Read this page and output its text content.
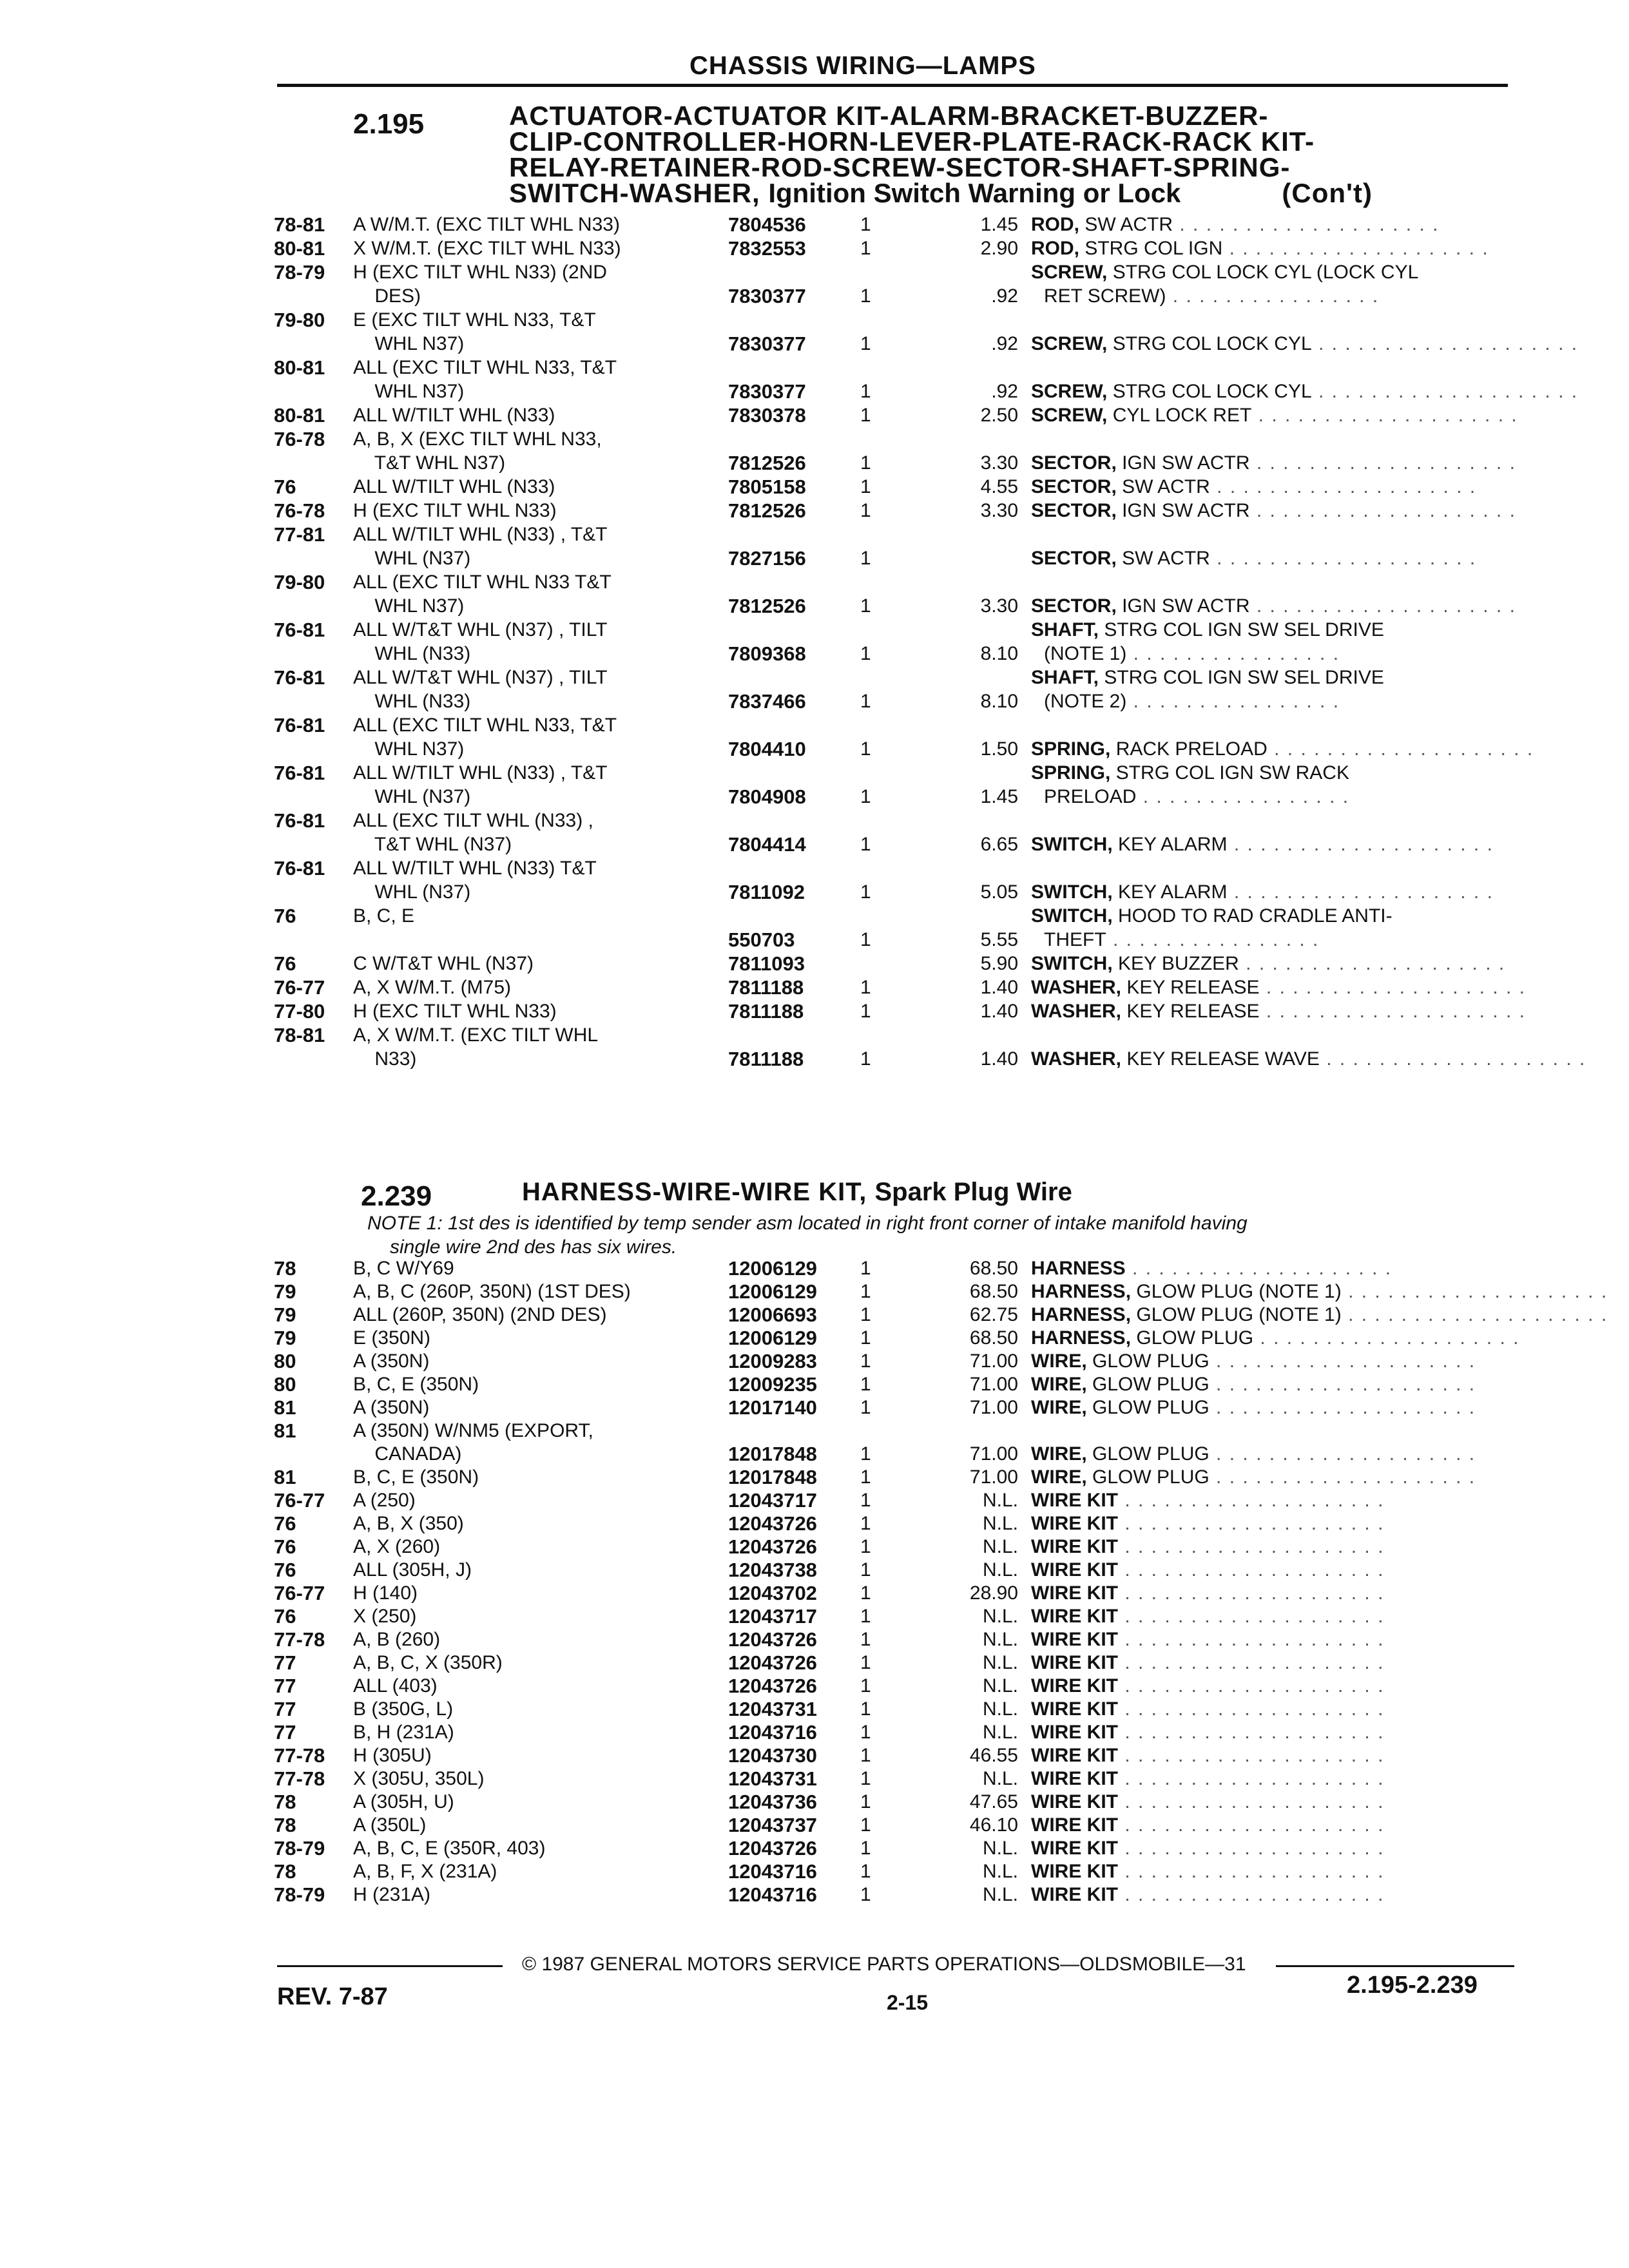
CHASSIS WIRING—LAMPS
2.195	ACTUATOR-ACTUATOR KIT-ALARM-BRACKET-BUZZER-
CLIP-CONTROLLER-HORN-LEVER-PLATE-RACK-RACK KIT-
RELAY-RETAINER-ROD-SCREW-SECTOR-SHAFT-SPRING-
SWITCH-WASHER, Ignition Switch Warning or Lock	(Con't)
78-81 A W/M.T. (EXC TILT WHL N33)	7804536	1	1.45 ROD, SW ACTR . . . . . . . . . . . . . . . . . . . .
80-81 X W/M.T. (EXC TILT WHL N33)	7832553	1	2.90 ROD, STRG COL IGN . . . . . . . . . . . . . . . . . . . .
78-79 H (EXC TILT WHL N33) (2ND
DES)	7830377	1	.92
SCREW, STRG COL LOCK CYL (LOCK CYL
RET SCREW) . . . . . . . . . . . . . . . .
79-80 E (EXC TILT WHL N33, T&T
WHL N37)	7830377	1	.92 SCREW, STRG COL LOCK CYL . . . . . . . . . . . . . . . . . . . .
80-81 ALL (EXC TILT WHL N33, T&T
WHL N37)	7830377	1	.92 SCREW, STRG COL LOCK CYL . . . . . . . . . . . . . . . . . . . .
80-81 ALL W/TILT WHL (N33)	7830378	1	2.50 SCREW, CYL LOCK RET . . . . . . . . . . . . . . . . . . . .
76-78 A, B, X (EXC TILT WHL N33,
T&T WHL N37)	7812526	1	3.30 SECTOR, IGN SW ACTR . . . . . . . . . . . . . . . . . . . .
76	ALL W/TILT WHL (N33)	7805158	1	4.55 SECTOR, SW ACTR . . . . . . . . . . . . . . . . . . . .
76-78 H (EXC TILT WHL N33)	7812526	1	3.30 SECTOR, IGN SW ACTR . . . . . . . . . . . . . . . . . . . .
77-81 ALL W/TILT WHL (N33) , T&T
WHL (N37)	7827156	1	SECTOR, SW ACTR . . . . . . . . . . . . . . . . . . . .
79-80 ALL (EXC TILT WHL N33 T&T
WHL N37)	7812526	1	3.30 SECTOR, IGN SW ACTR . . . . . . . . . . . . . . . . . . . .
76-81 ALL W/T&T WHL (N37) , TILT
WHL (N33)	7809368	1	8.10
SHAFT, STRG COL IGN SW SEL DRIVE
(NOTE 1) . . . . . . . . . . . . . . . .
76-81 ALL W/T&T WHL (N37) , TILT
WHL (N33)	7837466	1	8.10
SHAFT, STRG COL IGN SW SEL DRIVE
(NOTE 2) . . . . . . . . . . . . . . . .
76-81 ALL (EXC TILT WHL N33, T&T
WHL N37)	7804410	1	1.50 SPRING, RACK PRELOAD . . . . . . . . . . . . . . . . . . . .
76-81 ALL W/TILT WHL (N33) , T&T
WHL (N37)	7804908	1	1.45
SPRING, STRG COL IGN SW RACK
PRELOAD . . . . . . . . . . . . . . . .
76-81 ALL (EXC TILT WHL (N33) ,
T&T WHL (N37)	7804414	1	6.65 SWITCH, KEY ALARM . . . . . . . . . . . . . . . . . . . .
76-81 ALL W/TILT WHL (N33) T&T
WHL (N37)	7811092	1	5.05 SWITCH, KEY ALARM . . . . . . . . . . . . . . . . . . . .
76	B, C, E
550703	1	5.55
SWITCH, HOOD TO RAD CRADLE ANTI-
THEFT . . . . . . . . . . . . . . . .
76	C W/T&T WHL (N37)	7811093	5.90 SWITCH, KEY BUZZER . . . . . . . . . . . . . . . . . . . .
76-77 A, X W/M.T. (M75)	7811188	1	1.40 WASHER, KEY RELEASE . . . . . . . . . . . . . . . . . . . .
77-80 H (EXC TILT WHL N33)	7811188	1	1.40 WASHER, KEY RELEASE . . . . . . . . . . . . . . . . . . . .
78-81 A, X W/M.T. (EXC TILT WHL
N33)	7811188	1	1.40 WASHER, KEY RELEASE WAVE . . . . . . . . . . . . . . . . . . . .
2.239	HARNESS-WIRE-WIRE KIT, Spark Plug Wire
NOTE 1: 1st des is identified by temp sender asm located in right front corner of intake manifold having
single wire 2nd des has six wires.
78	B, C W/Y69	12006129 1	68.50 HARNESS . . . . . . . . . . . . . . . . . . . .
79	A, B, C (260P, 350N) (1ST DES)	12006129 1	68.50 HARNESS, GLOW PLUG (NOTE 1) . . . . . . . . . . . . . . . . . . . .
79	ALL (260P, 350N) (2ND DES)	12006693 1	62.75 HARNESS, GLOW PLUG (NOTE 1) . . . . . . . . . . . . . . . . . . . .
79	E (350N)	12006129 1	68.50 HARNESS, GLOW PLUG . . . . . . . . . . . . . . . . . . . .
80	A (350N)	12009283 1	71.00 WIRE, GLOW PLUG . . . . . . . . . . . . . . . . . . . .
80	B, C, E (350N)	12009235 1	71.00 WIRE, GLOW PLUG . . . . . . . . . . . . . . . . . . . .
81	A (350N)	12017140 1	71.00 WIRE, GLOW PLUG . . . . . . . . . . . . . . . . . . . .
81	A (350N) W/NM5 (EXPORT,
CANADA)	12017848 1	71.00 WIRE, GLOW PLUG . . . . . . . . . . . . . . . . . . . .
81	B, C, E (350N)	12017848 1	71.00 WIRE, GLOW PLUG . . . . . . . . . . . . . . . . . . . .
76-77 A (250)	12043717 1	N.L. WIRE KIT . . . . . . . . . . . . . . . . . . . .
76	A, B, X (350)	12043726 1	N.L. WIRE KIT . . . . . . . . . . . . . . . . . . . .
76	A, X (260)	12043726 1	N.L. WIRE KIT . . . . . . . . . . . . . . . . . . . .
76	ALL (305H, J)	12043738 1	N.L. WIRE KIT . . . . . . . . . . . . . . . . . . . .
76-77 H (140)	12043702 1	28.90 WIRE KIT . . . . . . . . . . . . . . . . . . . .
76	X (250)	12043717 1	N.L. WIRE KIT . . . . . . . . . . . . . . . . . . . .
77-78 A, B (260)	12043726 1	N.L. WIRE KIT . . . . . . . . . . . . . . . . . . . .
77	A, B, C, X (350R)	12043726 1	N.L. WIRE KIT . . . . . . . . . . . . . . . . . . . .
77	ALL (403)	12043726 1	N.L. WIRE KIT . . . . . . . . . . . . . . . . . . . .
77	B (350G, L)	12043731 1	N.L. WIRE KIT . . . . . . . . . . . . . . . . . . . .
77	B, H (231A)	12043716 1	N.L. WIRE KIT . . . . . . . . . . . . . . . . . . . .
77-78 H (305U)	12043730 1	46.55 WIRE KIT . . . . . . . . . . . . . . . . . . . .
77-78 X (305U, 350L)	12043731 1	N.L. WIRE KIT . . . . . . . . . . . . . . . . . . . .
78	A (305H, U)	12043736 1	47.65 WIRE KIT . . . . . . . . . . . . . . . . . . . .
78	A (350L)	12043737 1	46.10 WIRE KIT . . . . . . . . . . . . . . . . . . . .
78-79 A, B, C, E (350R, 403)	12043726 1	N.L. WIRE KIT . . . . . . . . . . . . . . . . . . . .
78	A, B, F, X (231A)	12043716 1	N.L. WIRE KIT . . . . . . . . . . . . . . . . . . . .
78-79 H (231A)	12043716 1	N.L. WIRE KIT . . . . . . . . . . . . . . . . . . . .
© 1987 GENERAL MOTORS SERVICE PARTS OPERATIONS—OLDSMOBILE—31
REV. 7-87	2-15
2.195-2.239
